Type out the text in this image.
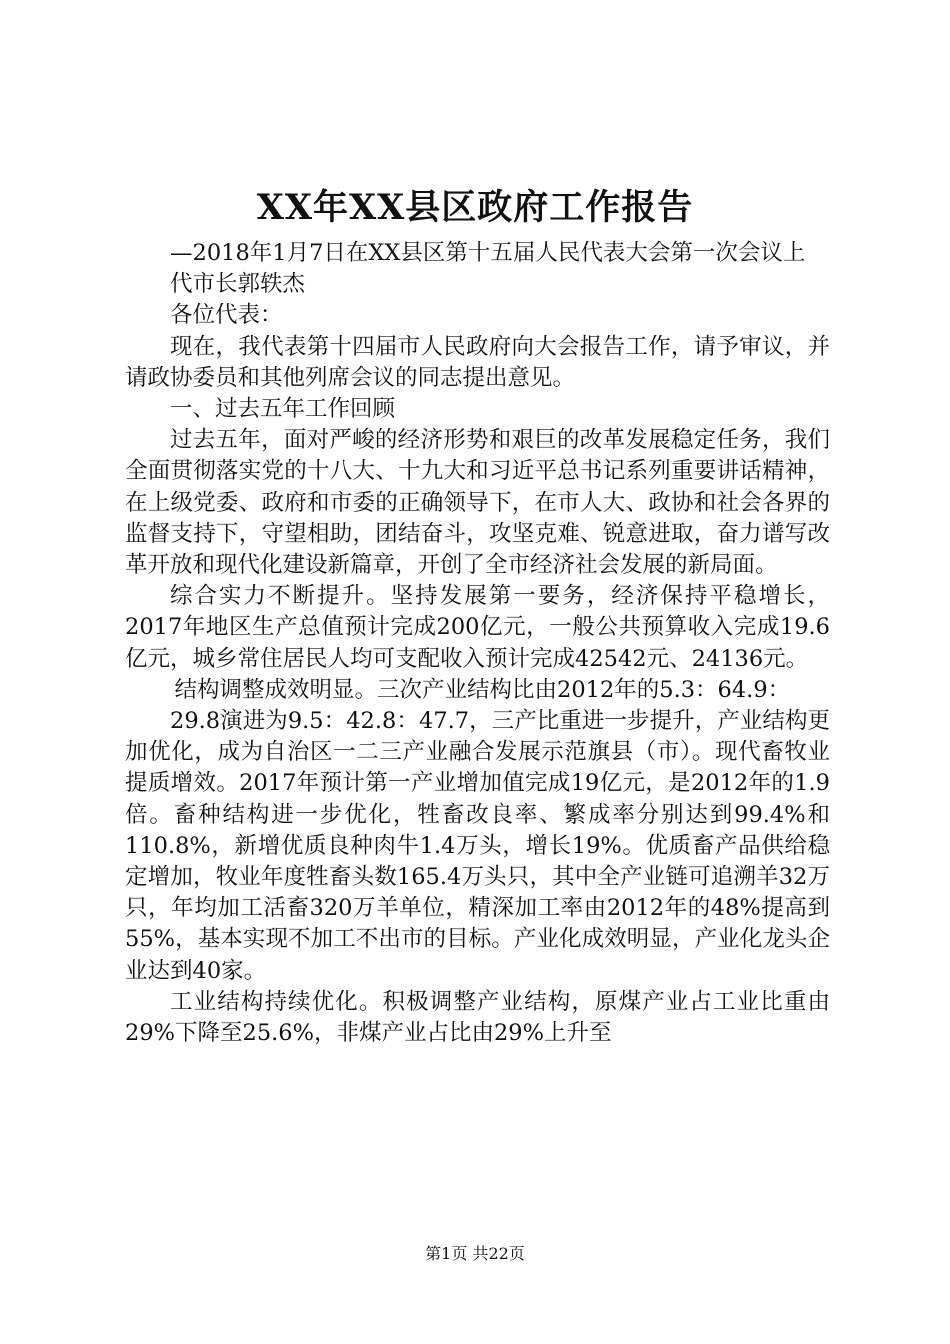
XX年XX县区政府工作报告

—2018年1月7日在XX县区第十五届人民代表大会第一次会议上

代市长郭轶杰

各位代表：

现在，我代表第十四届市人民政府向大会报告工作，请予审议，并请政协委员和其他列席会议的同志提出意见。

一、过去五年工作回顾

过去五年，面对严峻的经济形势和艰巨的改革发展稳定任务，我们全面贯彻落实党的十八大、十九大和习近平总书记系列重要讲话精神，在上级党委、政府和市委的正确领导下，在市人大、政协和社会各界的监督支持下，守望相助，团结奋斗，攻坚克难、锐意进取，奋力谱写改革开放和现代化建设新篇章，开创了全市经济社会发展的新局面。

综合实力不断提升。坚持发展第一要务，经济保持平稳增长，2017年地区生产总值预计完成200亿元，一般公共预算收入完成19.6亿元，城乡常住居民人均可支配收入预计完成42542元、24136元。

结构调整成效明显。三次产业结构比由2012年的5.3：64.9：

29.8演进为9.5：42.8：47.7，三产比重进一步提升，产业结构更加优化，成为自治区一二三产业融合发展示范旗县（市）。现代畜牧业提质增效。2017年预计第一产业增加值完成19亿元，是2012年的1.9倍。畜种结构进一步优化，牲畜改良率、繁成率分别达到99.4%和110.8%，新增优质良种肉牛1.4万头，增长19%。优质畜产品供给稳定增加，牧业年度牲畜头数165.4万头只，其中全产业链可追溯羊32万只，年均加工活畜320万羊单位，精深加工率由2012年的48%提高到55%，基本实现不加工不出市的目标。产业化成效明显，产业化龙头企业达到40家。

工业结构持续优化。积极调整产业结构，原煤产业占工业比重由29%下降至25.6%，非煤产业占比由29%上升至

第1页 共22页
